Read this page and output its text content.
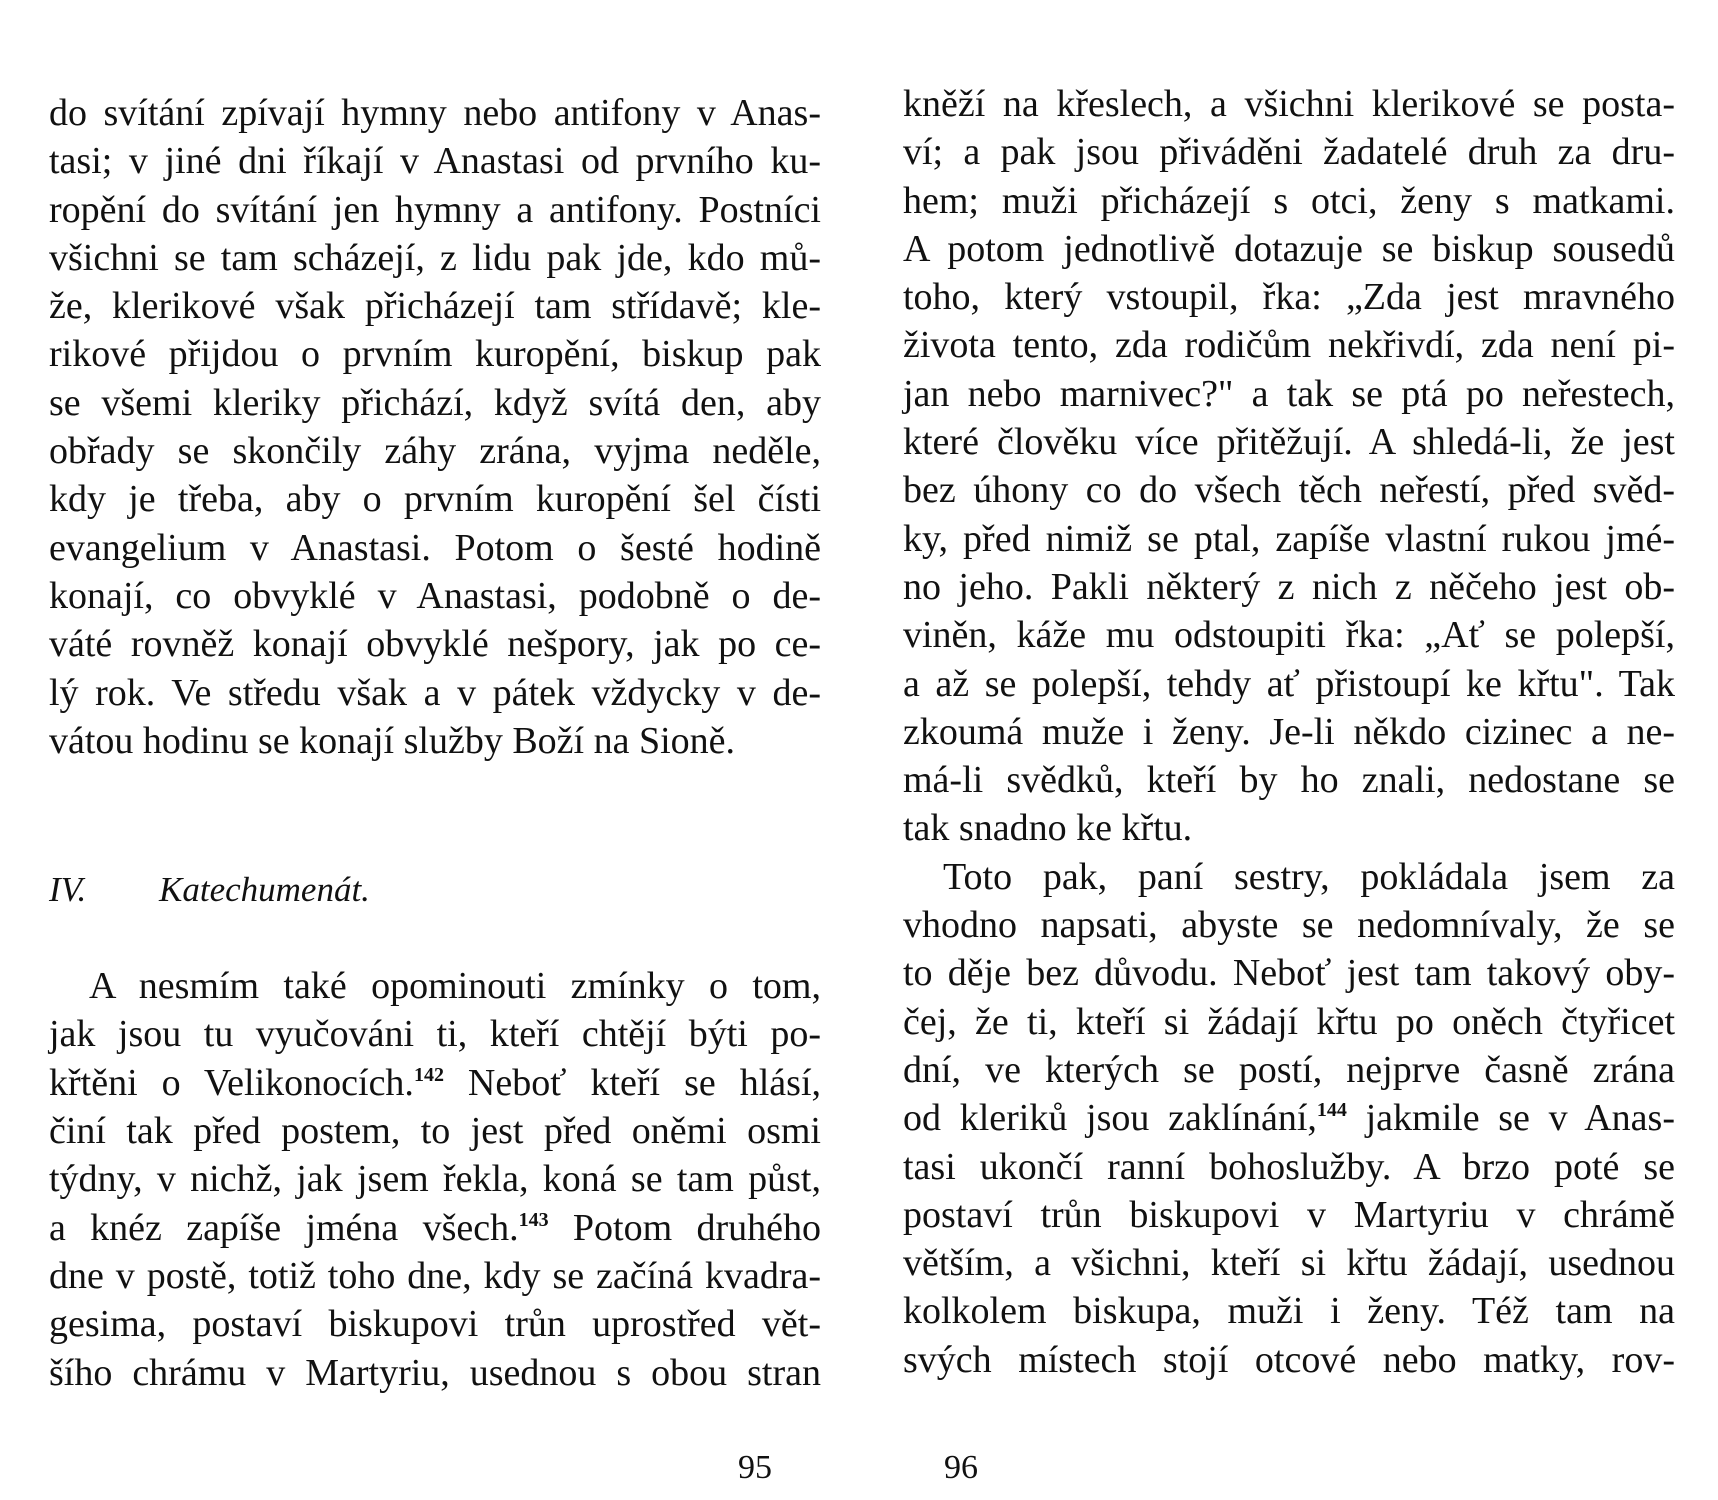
do svítání zpívají hymny nebo antifony v Anas-
tasi; v jiné dni říkají v Anastasi od prvního ku-
ropění do svítání jen hymny a antifony. Postníci
všichni se tam scházejí, z lidu pak jde, kdo mů-
že, klerikové však přicházejí tam střídavě; kle-
rikové přijdou o prvním kuropění, biskup pak
se všemi kleriky přichází, když svítá den, aby
obřady se skončily záhy zrána, vyjma neděle,
kdy je třeba, aby o prvním kuropění šel čísti
evangelium v Anastasi. Potom o šesté hodině
konají, co obvyklé v Anastasi, podobně o de-
váté rovněž konají obvyklé nešpory, jak po ce-
lý rok. Ve středu však a v pátek vždycky v de-
vátou hodinu se konají služby Boží na Sioně.

IV. Katechumenát.

A nesmím také opominouti zmínky o tom,
jak jsou tu vyučováni ti, kteří chtějí býti po-
křtěni o Velikonocích.$^{142}$ Neboť kteří se hlásí,
činí tak před postem, to jest před oněmi osmi
týdny, v nichž, jak jsem řekla, koná se tam půst,
a knéz zapíše jména všech.$^{143}$ Potom druhého
dne v postě, totiž toho dne, kdy se začíná kvadra-
gesima, postaví biskupovi trůn uprostřed vět-
šího chrámu v Martyriu, usednou s obou stran

95

kněží na křeslech, a všichni klerikové se posta-
ví; a pak jsou přiváděni žadatelé druh za dru-
hem; muži přicházejí s otci, ženy s matkami.
A potom jednotlivě dotazuje se biskup sousedů
toho, který vstoupil, řka: „Zda jest mravného
života tento, zda rodičům nekřivdí, zda není pi-
jan nebo marnivec?" a tak se ptá po neřestech,
které člověku více přitěžují. A shledá-li, že jest
bez úhony co do všech těch neřestí, před svěd-
ky, před nimiž se ptal, zapíše vlastní rukou jmé-
no jeho. Pakli některý z nich z něčeho jest ob-
viněn, káže mu odstoupiti řka: „Ať se polepší,
a až se polepší, tehdy ať přistoupí ke křtu". Tak
zkoumá muže i ženy. Je-li někdo cizinec a ne-
má-li svědků, kteří by ho znali, nedostane se
tak snadno ke křtu.

Toto pak, paní sestry, pokládala jsem za
vhodno napsati, abyste se nedomnívaly, že se
to děje bez důvodu. Neboť jest tam takový oby-
čej, že ti, kteří si žádají křtu po oněch čtyřicet
dní, ve kterých se postí, nejprve časně zrána
od kleriků jsou zaklínání,$^{144}$ jakmile se v Anas-
tasi ukončí ranní bohoslužby. A brzo poté se
postaví trůn biskupovi v Martyriu v chrámě
větším, a všichni, kteří si křtu žádají, usednou
kolkolem biskupa, muži i ženy. Též tam na
svých místech stojí otcové nebo matky, rov-

96
